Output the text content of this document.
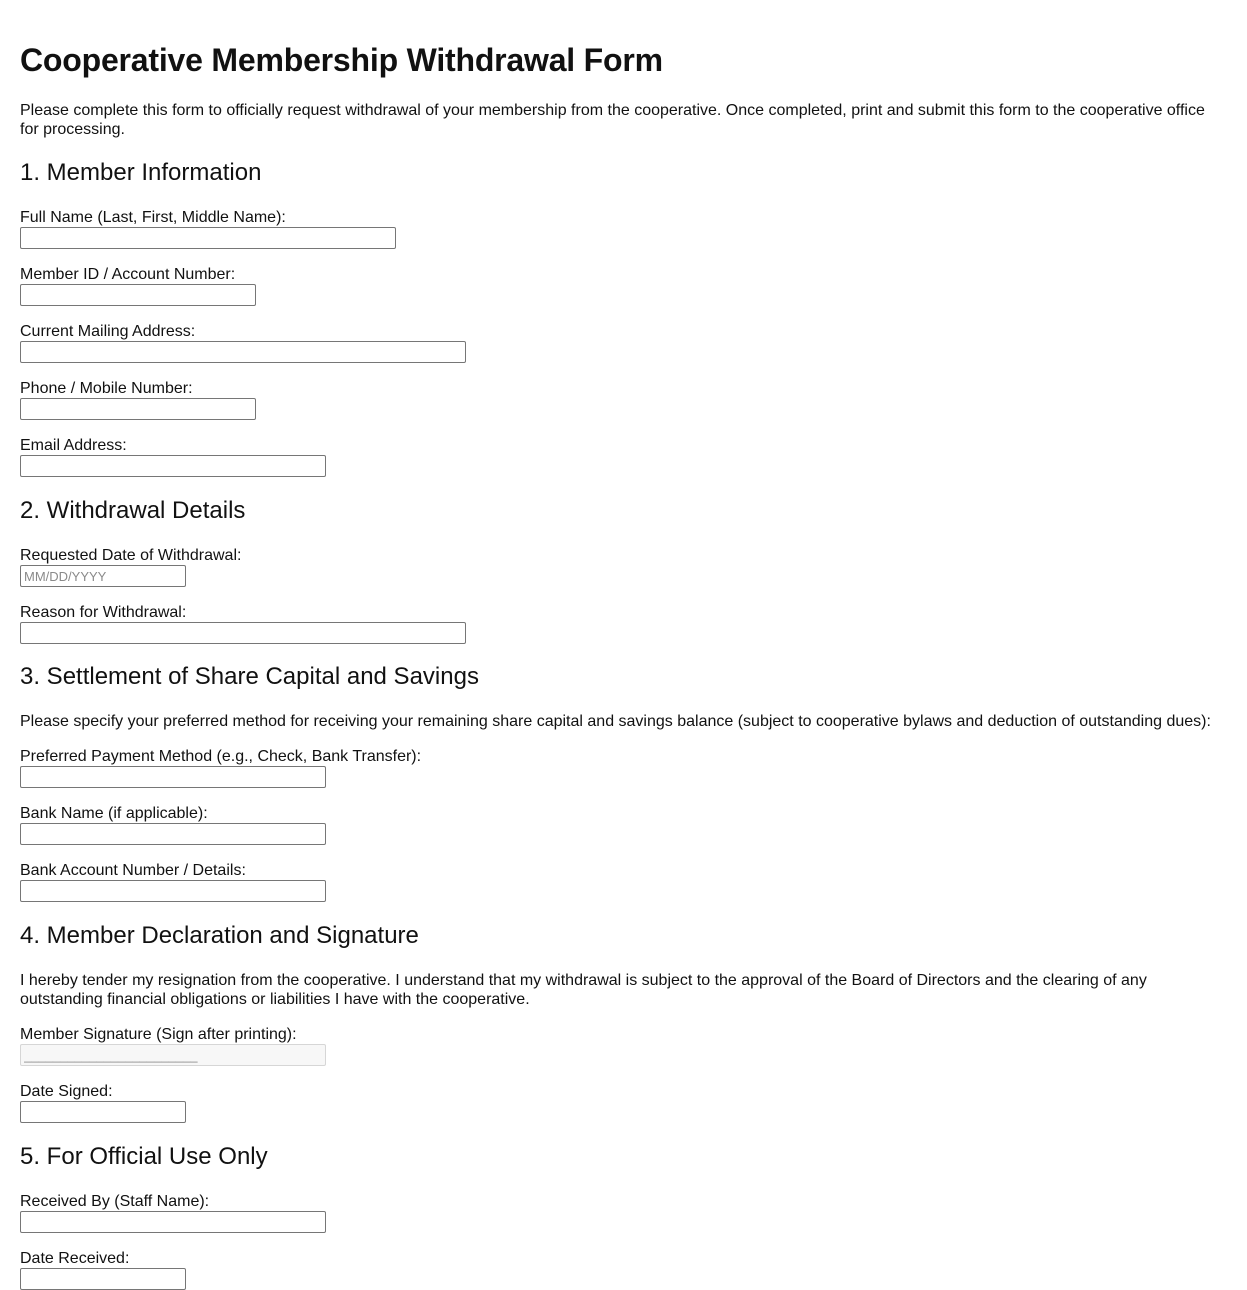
Cooperative Membership Withdrawal Form

Please complete this form to officially request withdrawal of your membership from the cooperative. Once completed, print and submit this form to the cooperative office for processing.

1. Member Information
Full Name (Last, First, Middle Name):
Member ID / Account Number:
Current Mailing Address:
Phone / Mobile Number:
Email Address:
2. Withdrawal Details
Requested Date of Withdrawal:
MM/DD/YYYY
Reason for Withdrawal:
3. Settlement of Share Capital and Savings

Please specify your preferred method for receiving your remaining share capital and savings balance (subject to cooperative bylaws and deduction of outstanding dues):

Preferred Payment Method (e.g., Check, Bank Transfer):
Bank Name (if applicable):
Bank Account Number / Details:
4. Member Declaration and Signature

I hereby tender my resignation from the cooperative. I understand that my withdrawal is subject to the approval of the Board of Directors and the clearing of any outstanding financial obligations or liabilities I have with the cooperative.

Member Signature (Sign after printing):
________________________
Date Signed:
5. For Official Use Only
Received By (Staff Name):
Date Received:
